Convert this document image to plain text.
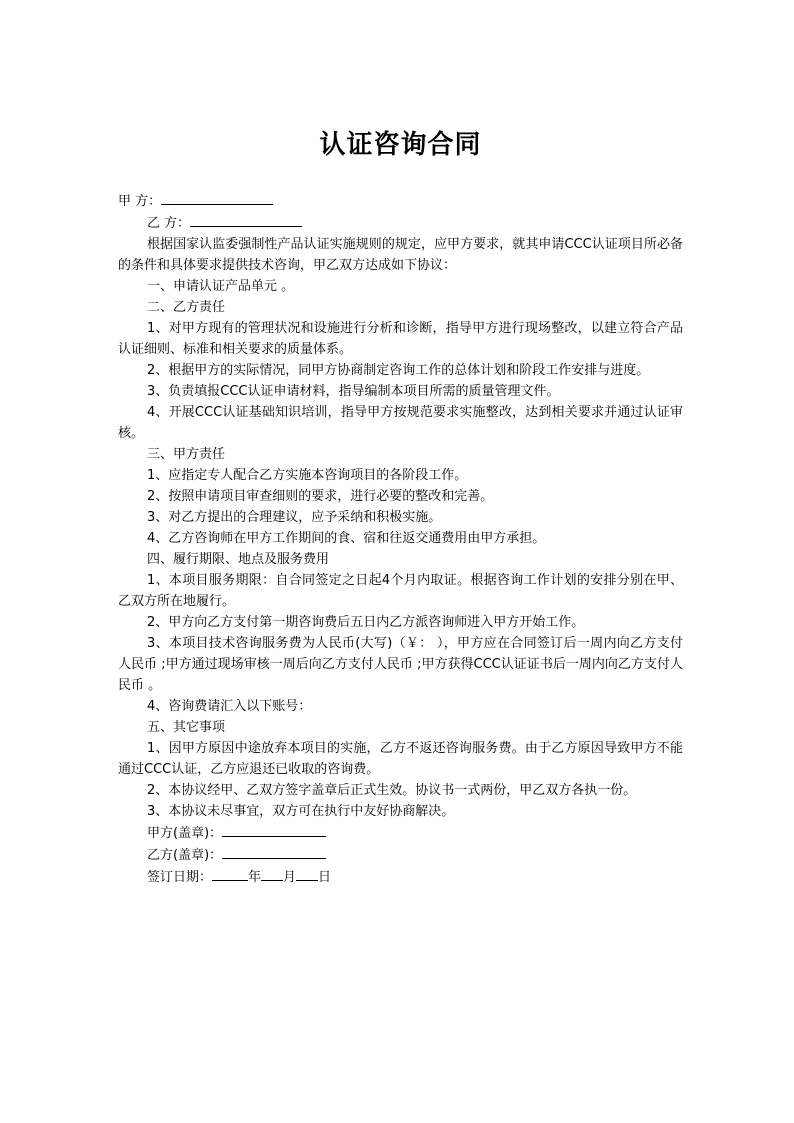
认证咨询合同
甲 方：
乙 方：
根据国家认监委强制性产品认证实施规则的规定，应甲方要求，就其申请CCC认证项目所必备的条件和具体要求提供技术咨询，甲乙双方达成如下协议：
一、申请认证产品单元 。
二、乙方责任
1、对甲方现有的管理状况和设施进行分析和诊断，指导甲方进行现场整改，以建立符合产品认证细则、标准和相关要求的质量体系。
2、根据甲方的实际情况，同甲方协商制定咨询工作的总体计划和阶段工作安排与进度。
3、负责填报CCC认证申请材料，指导编制本项目所需的质量管理文件。
4、开展CCC认证基础知识培训，指导甲方按规范要求实施整改，达到相关要求并通过认证审核。
三、甲方责任
1、应指定专人配合乙方实施本咨询项目的各阶段工作。
2、按照申请项目审查细则的要求，进行必要的整改和完善。
3、对乙方提出的合理建议，应予采纳和积极实施。
4、乙方咨询师在甲方工作期间的食、宿和往返交通费用由甲方承担。
四、履行期限、地点及服务费用
1、本项目服务期限：自合同签定之日起4个月内取证。根据咨询工作计划的安排分别在甲、乙双方所在地履行。
2、甲方向乙方支付第一期咨询费后五日内乙方派咨询师进入甲方开始工作。
3、本项目技术咨询服务费为人民币(大写)（￥： ），甲方应在合同签订后一周内向乙方支付人民币 ;甲方通过现场审核一周后向乙方支付人民币 ;甲方获得CCC认证证书后一周内向乙方支付人民币 。
4、咨询费请汇入以下账号：
五、其它事项
1、因甲方原因中途放弃本项目的实施，乙方不返还咨询服务费。由于乙方原因导致甲方不能通过CCC认证，乙方应退还已收取的咨询费。
2、本协议经甲、乙双方签字盖章后正式生效。协议书一式两份，甲乙双方各执一份。
3、本协议未尽事宜，双方可在执行中友好协商解决。
甲方(盖章)：
乙方(盖章)：
签订日期：	年 月 日
